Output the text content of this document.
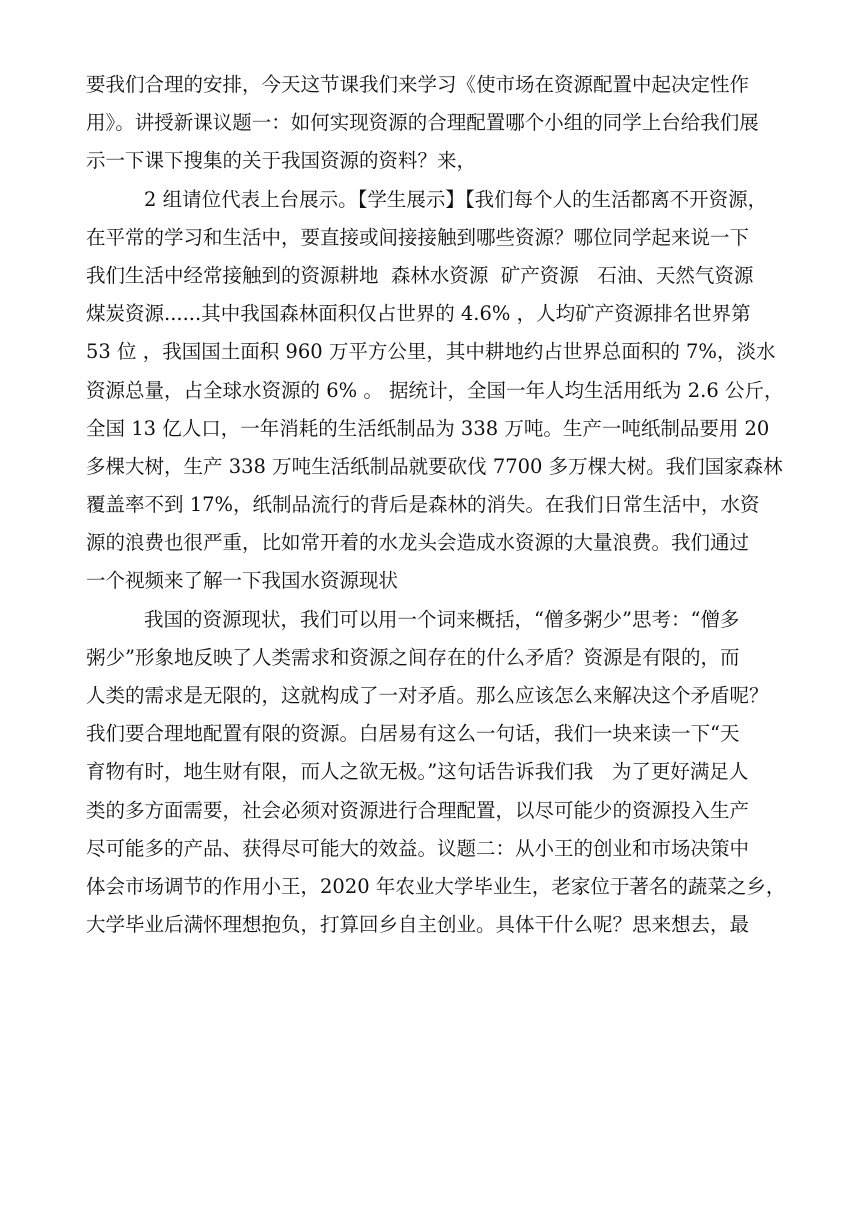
要我们合理的安排，今天这节课我们来学习《使市场在资源配置中起决定性作
用》。讲授新课议题一：如何实现资源的合理配置哪个小组的同学上台给我们展
示一下课下搜集的关于我国资源的资料？来，
2 组请位代表上台展示。【学生展示】【我们每个人的生活都离不开资源，
在平常的学习和生活中，要直接或间接接触到哪些资源？哪位同学起来说一下
我们生活中经常接触到的资源耕地  森林水资源  矿产资源   石油、天然气资源
煤炭资源......其中我国森林面积仅占世界的 4.6% ，人均矿产资源排名世界第
53 位 ，我国国土面积 960 万平方公里，其中耕地约占世界总面积的 7%，淡水
资源总量，占全球水资源的 6% 。 据统计，全国一年人均生活用纸为 2.6 公斤，
全国 13 亿人口，一年消耗的生活纸制品为 338 万吨。生产一吨纸制品要用 20
多棵大树，生产 338 万吨生活纸制品就要砍伐 7700 多万棵大树。我们国家森林
覆盖率不到 17%，纸制品流行的背后是森林的消失。在我们日常生活中，水资
源的浪费也很严重，比如常开着的水龙头会造成水资源的大量浪费。我们通过
一个视频来了解一下我国水资源现状
我国的资源现状，我们可以用一个词来概括，“僧多粥少”思考：“僧多
粥少”形象地反映了人类需求和资源之间存在的什么矛盾？资源是有限的，而
人类的需求是无限的，这就构成了一对矛盾。那么应该怎么来解决这个矛盾呢？
我们要合理地配置有限的资源。白居易有这么一句话，我们一块来读一下“天
育物有时，地生财有限，而人之欲无极。”这句话告诉我们我   为了更好满足人
类的多方面需要，社会必须对资源进行合理配置，以尽可能少的资源投入生产
尽可能多的产品、获得尽可能大的效益。议题二：从小王的创业和市场决策中
体会市场调节的作用小王，2020 年农业大学毕业生，老家位于著名的蔬菜之乡，
大学毕业后满怀理想抱负，打算回乡自主创业。具体干什么呢？思来想去，最
